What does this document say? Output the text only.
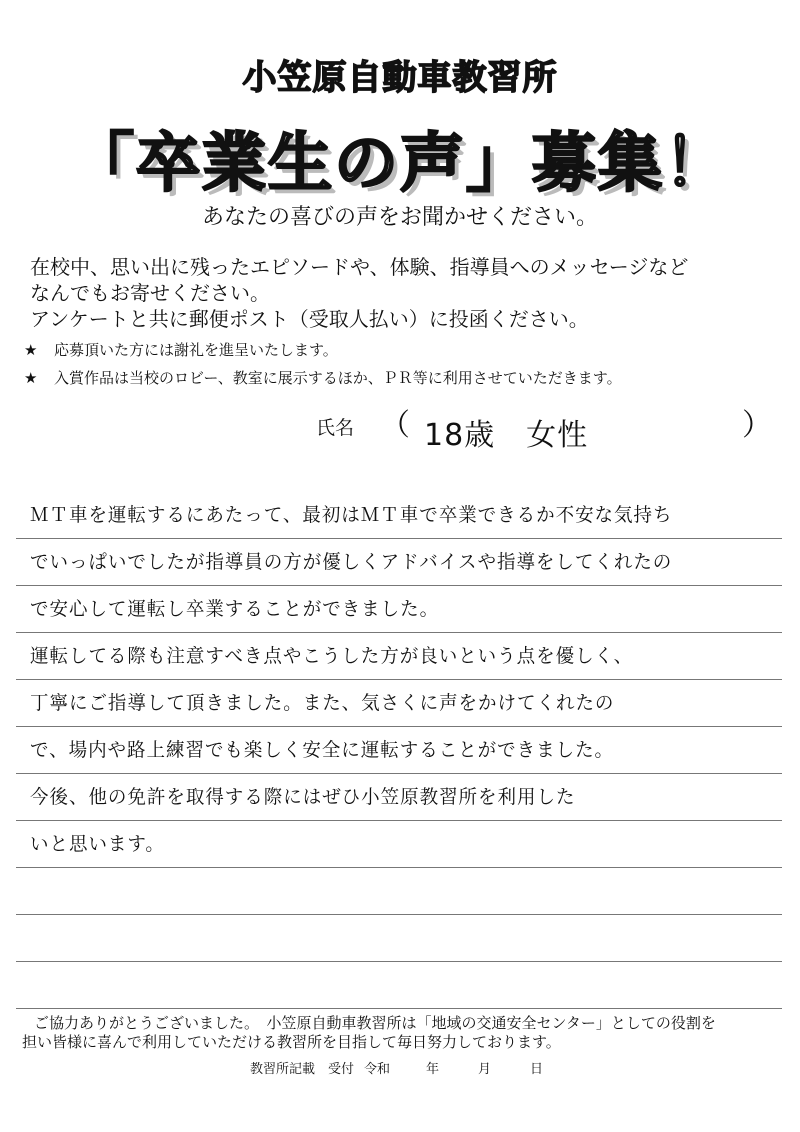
小笠原自動車教習所
「卒業生の声」募集！
あなたの喜びの声をお聞かせください。

在校中、思い出に残ったエピソードや、体験、指導員へのメッセージなど

なんでもお寄せください。

アンケートと共に郵便ポスト（受取人払い）に投函ください。

★ 応募頂いた方には謝礼を進呈いたします。

★ 入賞作品は当校のロビー、教室に展示するほか、ＰＲ等に利用させていただきます。

氏名 （ 18歳　女性	）
ＭＴ車を運転するにあたって、最初はＭＴ車で卒業できるか不安な気持ち
でいっぱいでしたが指導員の方が優しくアドバイスや指導をしてくれたの
で安心して運転し卒業することができました。
運転してる際も注意すべき点やこうした方が良いという点を優しく、
丁寧にご指導して頂きました。また、気さくに声をかけてくれたの
で、場内や路上練習でも楽しく安全に運転することができました。
今後、他の免許を取得する際にはぜひ小笠原教習所を利用した
いと思います。

ご協力ありがとうございました。　小笠原自動車教習所は「地域の交通安全センター」としての役割を

担い皆様に喜んで利用していただける教習所を目指して毎日努力しております。

教習所記載 受付 令和	年	月	日
